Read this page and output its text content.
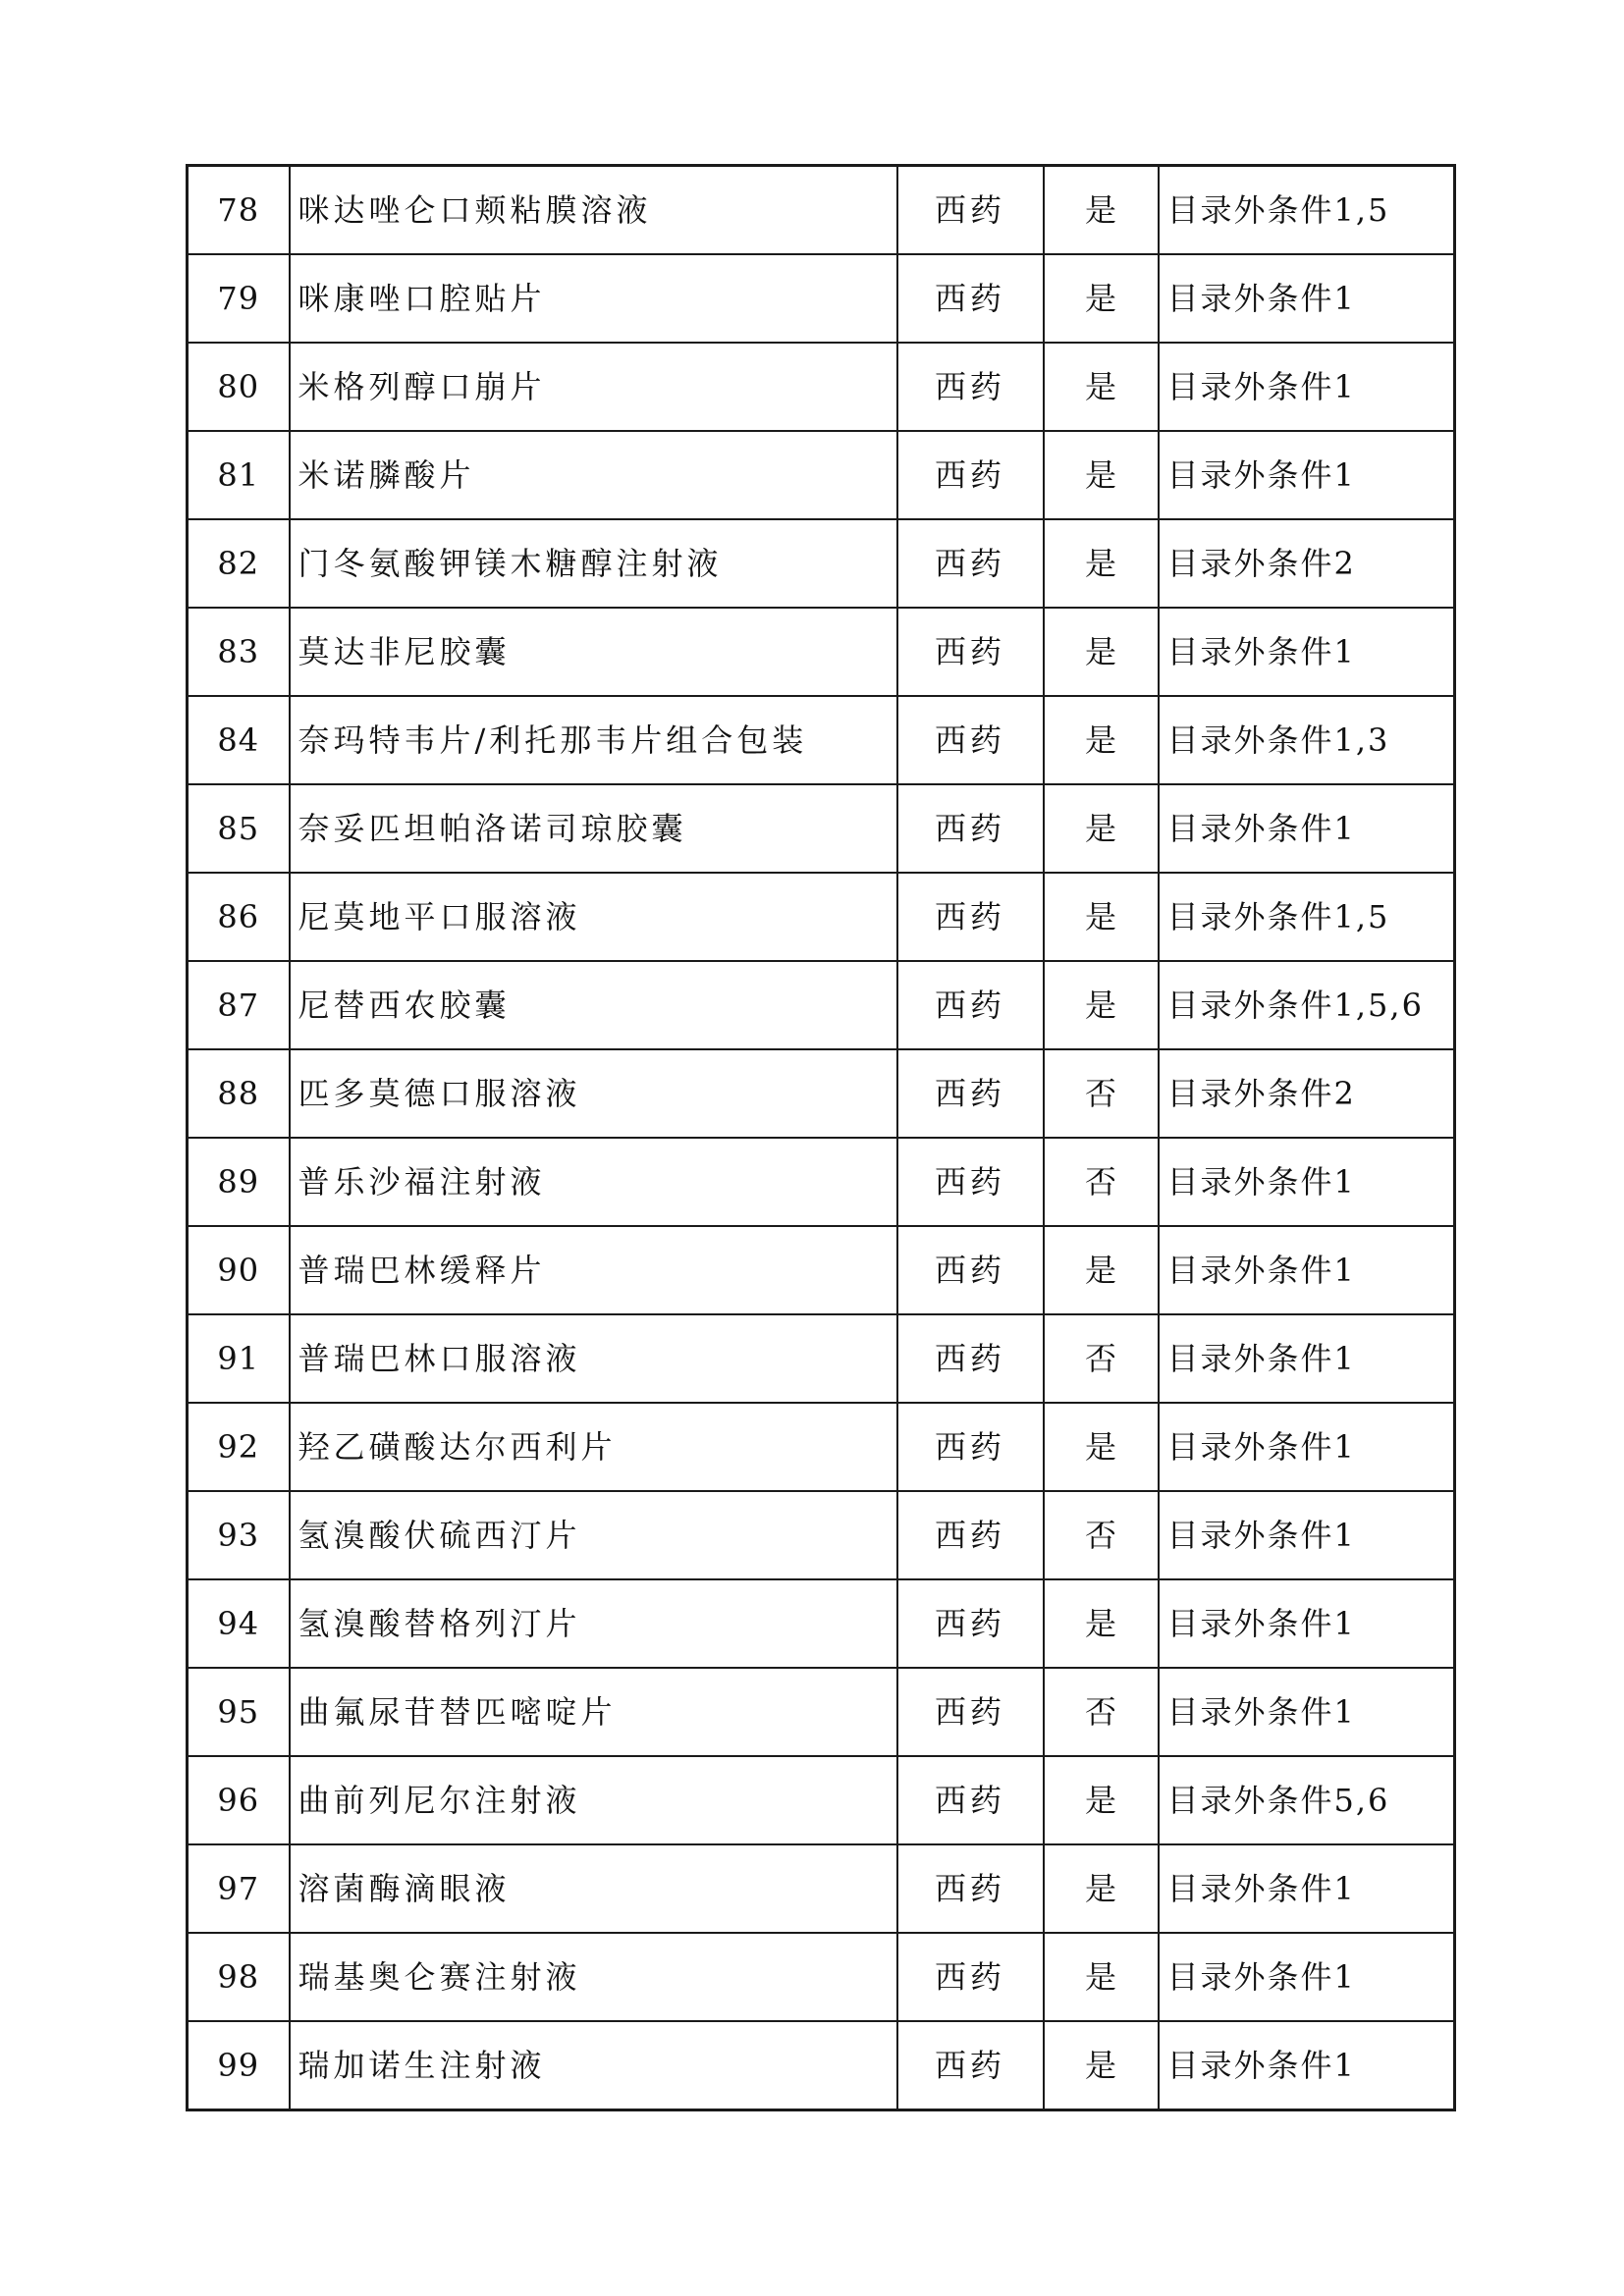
78	咪达唑仑口颊粘膜溶液	西药	是	目录外条件1,5
79	咪康唑口腔贴片	西药	是	目录外条件1
80	米格列醇口崩片	西药	是	目录外条件1
81	米诺膦酸片	西药	是	目录外条件1
82	门冬氨酸钾镁木糖醇注射液	西药	是	目录外条件2
83	莫达非尼胶囊	西药	是	目录外条件1
84	奈玛特韦片/利托那韦片组合包装	西药	是	目录外条件1,3
85	奈妥匹坦帕洛诺司琼胶囊	西药	是	目录外条件1
86	尼莫地平口服溶液	西药	是	目录外条件1,5
87	尼替西农胶囊	西药	是	目录外条件1,5,6
88	匹多莫德口服溶液	西药	否	目录外条件2
89	普乐沙福注射液	西药	否	目录外条件1
90	普瑞巴林缓释片	西药	是	目录外条件1
91	普瑞巴林口服溶液	西药	否	目录外条件1
92	羟乙磺酸达尔西利片	西药	是	目录外条件1
93	氢溴酸伏硫西汀片	西药	否	目录外条件1
94	氢溴酸替格列汀片	西药	是	目录外条件1
95	曲氟尿苷替匹嘧啶片	西药	否	目录外条件1
96	曲前列尼尔注射液	西药	是	目录外条件5,6
97	溶菌酶滴眼液	西药	是	目录外条件1
98	瑞基奥仑赛注射液	西药	是	目录外条件1
99	瑞加诺生注射液	西药	是	目录外条件1
